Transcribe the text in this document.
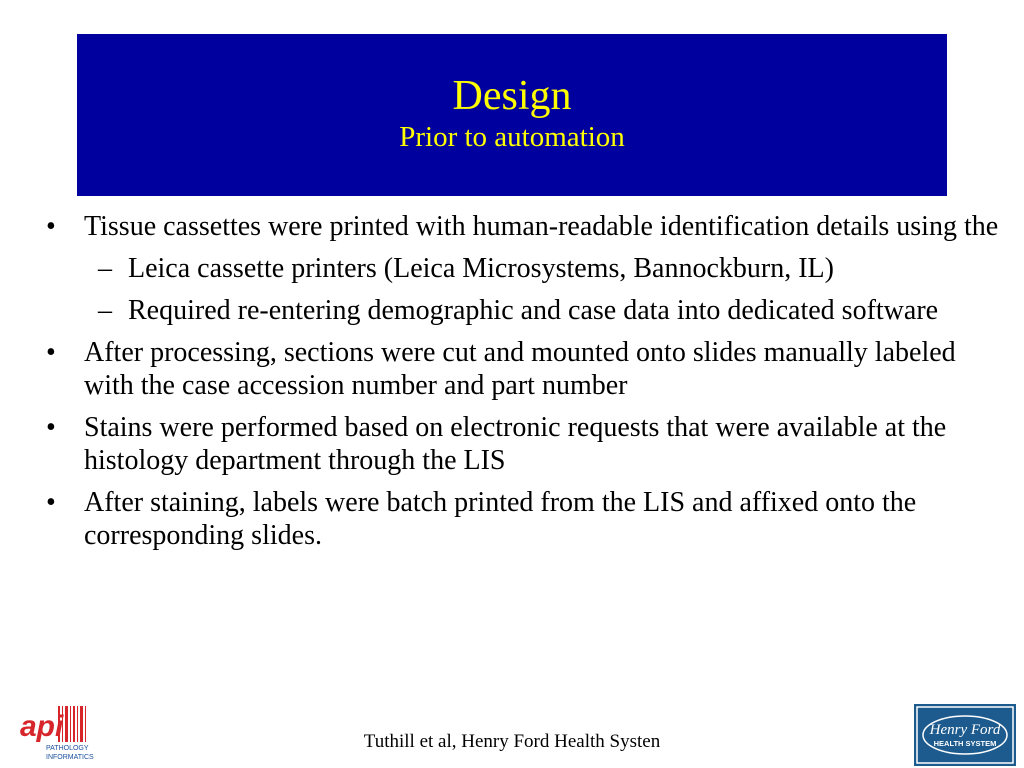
Design
Prior to automation
• Tissue cassettes were printed with human-readable identification details using the
– Leica cassette printers (Leica Microsystems, Bannockburn, IL)
– Required re-entering demographic and case data into dedicated software
• After processing, sections were cut and mounted onto slides manually labeled with the case accession number and part number
• Stains were performed based on electronic requests that were available at the histology department through the LIS
• After staining, labels were batch printed from the LIS and affixed onto the corresponding slides.
Tuthill et al, Henry Ford Health Systen
api
PATHOLOGY
INFORMATICS
Henry Ford
HEALTH SYSTEM
